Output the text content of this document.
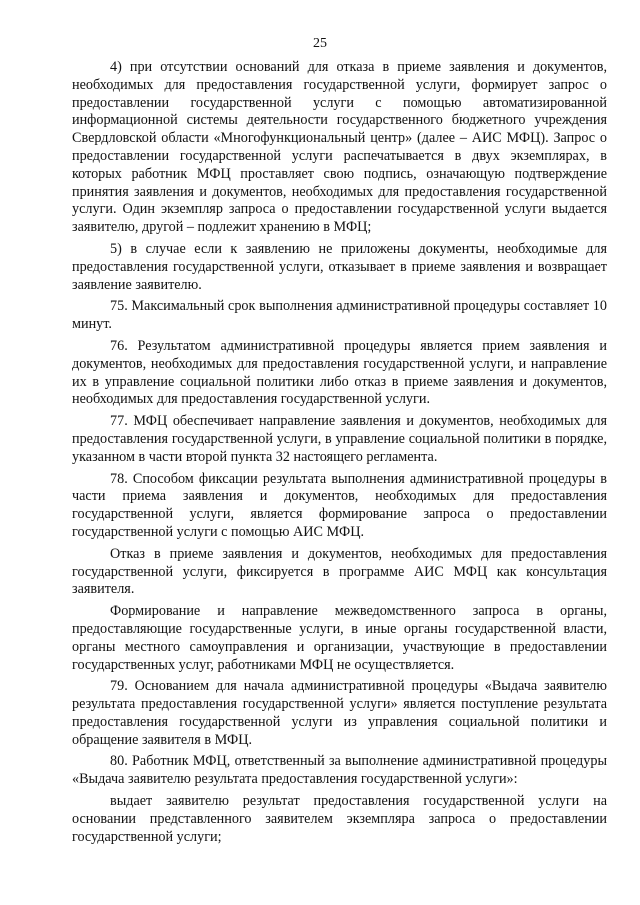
25

4) при отсутствии оснований для отказа в приеме заявления и документов, необходимых для предоставления государственной услуги, формирует запрос о предоставлении государственной услуги с помощью автоматизированной информационной системы деятельности государственного бюджетного учреждения Свердловской области «Многофункциональный центр» (далее – АИС МФЦ). Запрос о предоставлении государственной услуги распечатывается в двух экземплярах, в которых работник МФЦ проставляет свою подпись, означающую подтверждение принятия заявления и документов, необходимых для предоставления государственной услуги. Один экземпляр запроса о предоставлении государственной услуги выдается заявителю, другой – подлежит хранению в МФЦ;

5) в случае если к заявлению не приложены документы, необходимые для предоставления государственной услуги, отказывает в приеме заявления и возвращает заявление заявителю.

75. Максимальный срок выполнения административной процедуры составляет 10 минут.

76. Результатом административной процедуры является прием заявления и документов, необходимых для предоставления государственной услуги, и направление их в управление социальной политики либо отказ в приеме заявления и документов, необходимых для предоставления государственной услуги.

77. МФЦ обеспечивает направление заявления и документов, необходимых для предоставления государственной услуги, в управление социальной политики в порядке, указанном в части второй пункта 32 настоящего регламента.

78. Способом фиксации результата выполнения административной процедуры в части приема заявления и документов, необходимых для предоставления государственной услуги, является формирование запроса о предоставлении государственной услуги с помощью АИС МФЦ.

Отказ в приеме заявления и документов, необходимых для предоставления государственной услуги, фиксируется в программе АИС МФЦ как консультация заявителя.

Формирование и направление межведомственного запроса в органы, предоставляющие государственные услуги, в иные органы государственной власти, органы местного самоуправления и организации, участвующие в предоставлении государственных услуг, работниками МФЦ не осуществляется.

79. Основанием для начала административной процедуры «Выдача заявителю результата предоставления государственной услуги» является поступление результата предоставления государственной услуги из управления социальной политики и обращение заявителя в МФЦ.

80. Работник МФЦ, ответственный за выполнение административной процедуры «Выдача заявителю результата предоставления государственной услуги»:

выдает заявителю результат предоставления государственной услуги на основании представленного заявителем экземпляра запроса о предоставлении государственной услуги;
